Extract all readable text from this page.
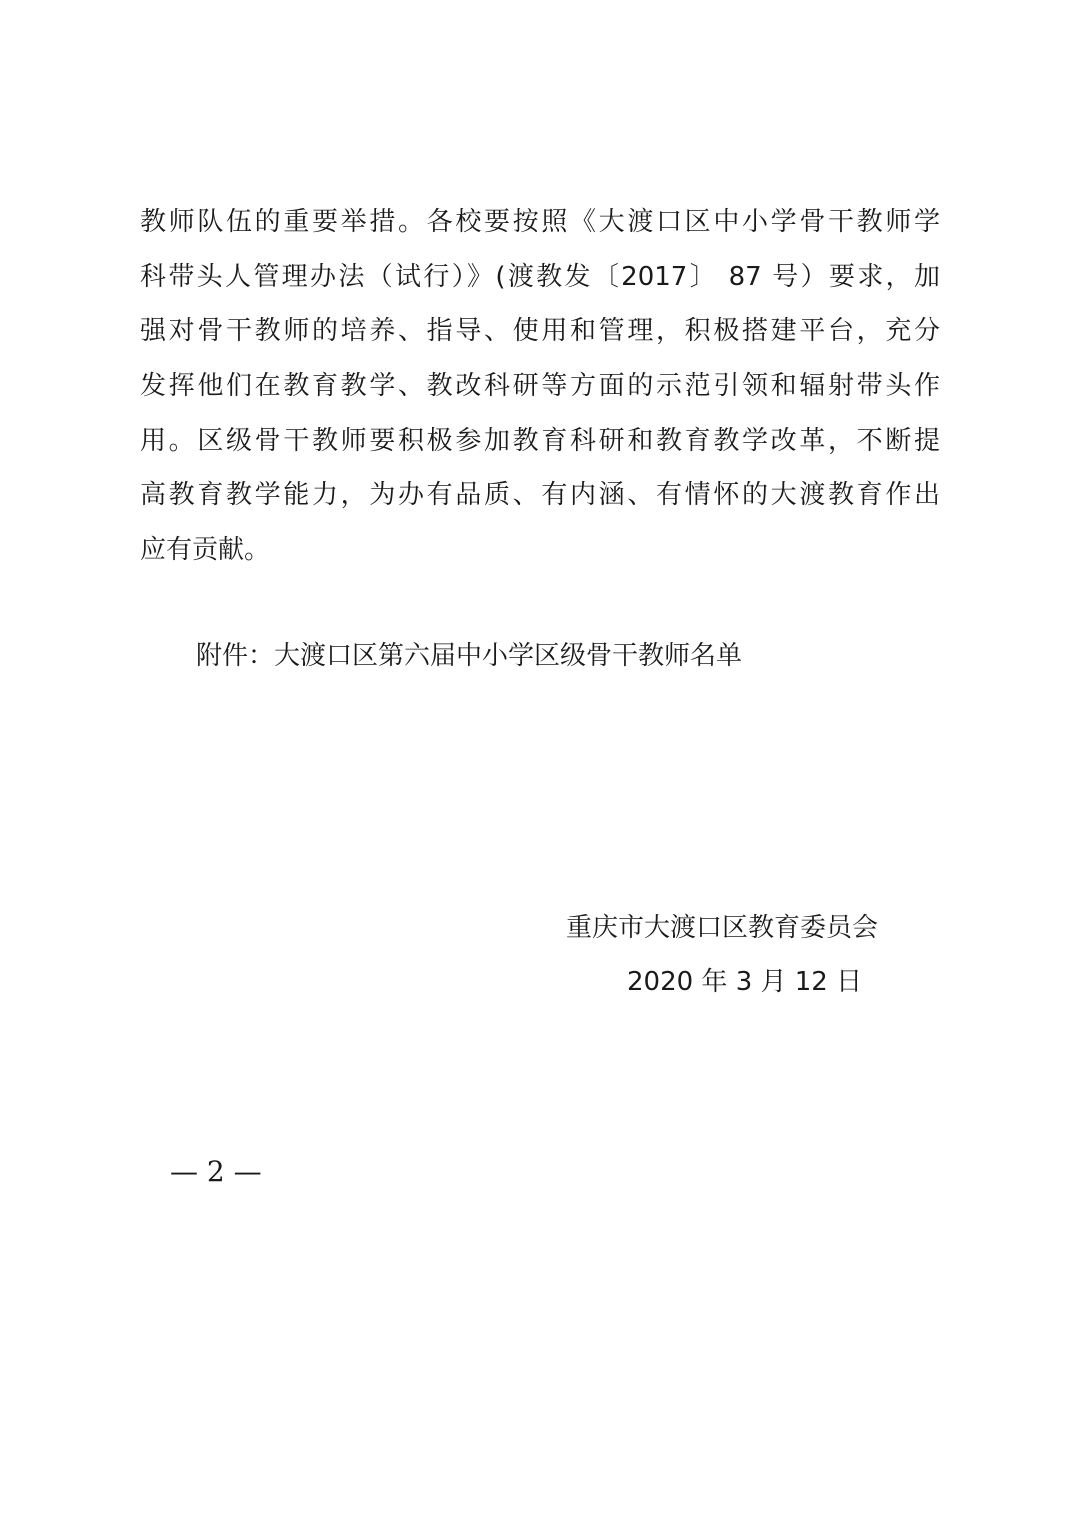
教师队伍的重要举措。各校要按照《大渡口区中小学骨干教师学
科带头人管理办法（试行）》(渡教发〔2017〕 87 号）要求，加
强对骨干教师的培养、指导、使用和管理，积极搭建平台，充分
发挥他们在教育教学、教改科研等方面的示范引领和辐射带头作
用。区级骨干教师要积极参加教育科研和教育教学改革，不断提
高教育教学能力，为办有品质、有内涵、有情怀的大渡教育作出
应有贡献。
附件：大渡口区第六届中小学区级骨干教师名单
重庆市大渡口区教育委员会
2020 年 3 月 12 日
— 2 —
